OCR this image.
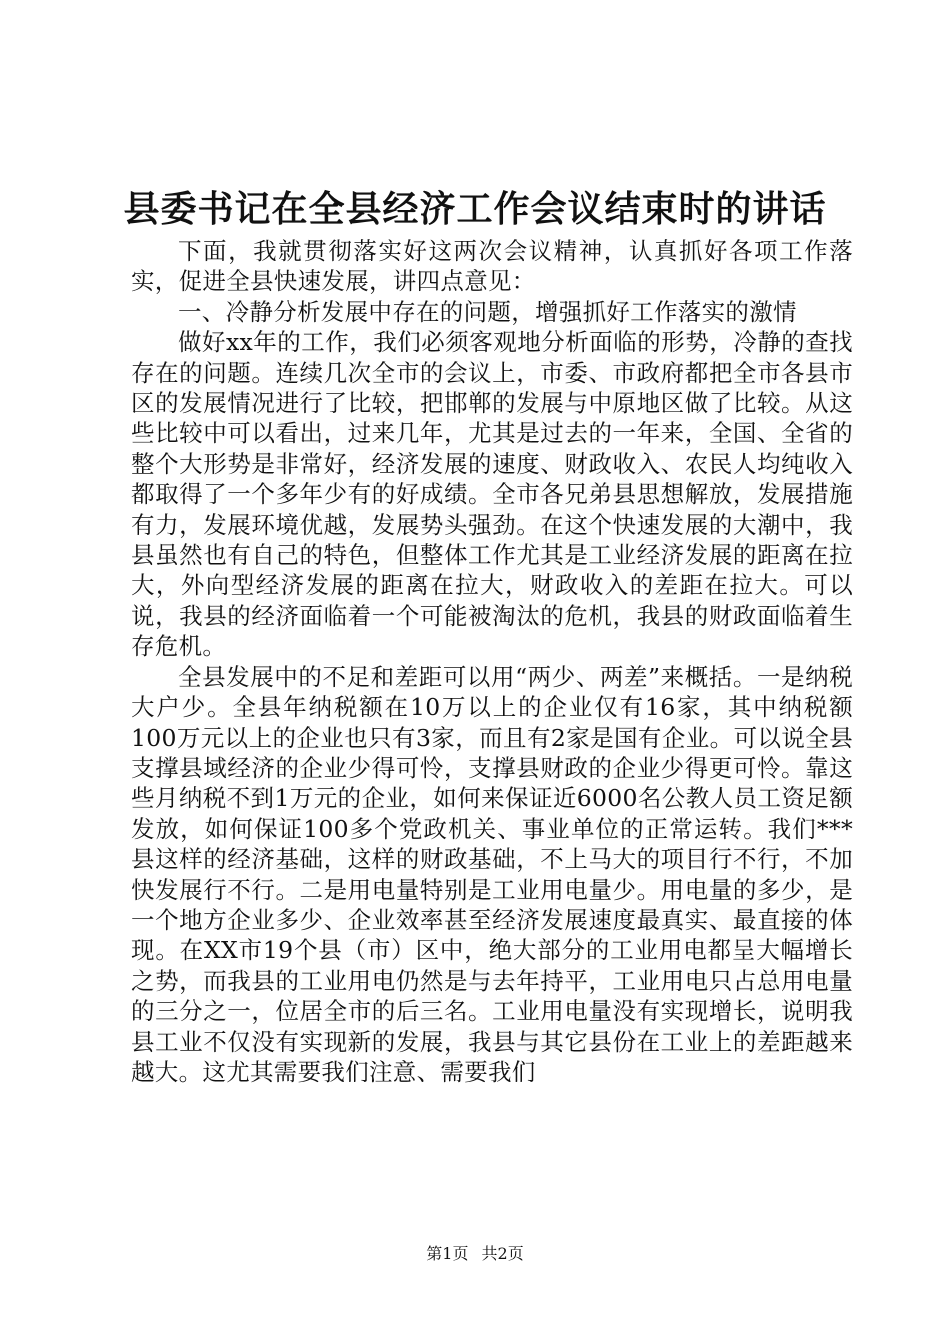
县委书记在全县经济工作会议结束时的讲话

下面，我就贯彻落实好这两次会议精神，认真抓好各项工作落实，促进全县快速发展，讲四点意见：

一、冷静分析发展中存在的问题，增强抓好工作落实的激情

做好xx年的工作，我们必须客观地分析面临的形势，冷静的查找存在的问题。连续几次全市的会议上，市委、市政府都把全市各县市区的发展情况进行了比较，把邯郸的发展与中原地区做了比较。从这些比较中可以看出，过来几年，尤其是过去的一年来，全国、全省的整个大形势是非常好，经济发展的速度、财政收入、农民人均纯收入都取得了一个多年少有的好成绩。全市各兄弟县思想解放，发展措施有力，发展环境优越，发展势头强劲。在这个快速发展的大潮中，我县虽然也有自己的特色，但整体工作尤其是工业经济发展的距离在拉大，外向型经济发展的距离在拉大，财政收入的差距在拉大。可以说，我县的经济面临着一个可能被淘汰的危机，我县的财政面临着生存危机。

全县发展中的不足和差距可以用“两少、两差”来概括。一是纳税大户少。全县年纳税额在10万以上的企业仅有16家，其中纳税额100万元以上的企业也只有3家，而且有2家是国有企业。可以说全县支撑县域经济的企业少得可怜，支撑县财政的企业少得更可怜。靠这些月纳税不到1万元的企业，如何来保证近6000名公教人员工资足额发放，如何保证100多个党政机关、事业单位的正常运转。我们***县这样的经济基础，这样的财政基础，不上马大的项目行不行，不加快发展行不行。二是用电量特别是工业用电量少。用电量的多少，是一个地方企业多少、企业效率甚至经济发展速度最真实、最直接的体现。在XX市19个县（市）区中，绝大部分的工业用电都呈大幅增长之势，而我县的工业用电仍然是与去年持平，工业用电只占总用电量的三分之一，位居全市的后三名。工业用电量没有实现增长，说明我县工业不仅没有实现新的发展，我县与其它县份在工业上的差距越来越大。这尤其需要我们注意、需要我们

第1页 共2页
